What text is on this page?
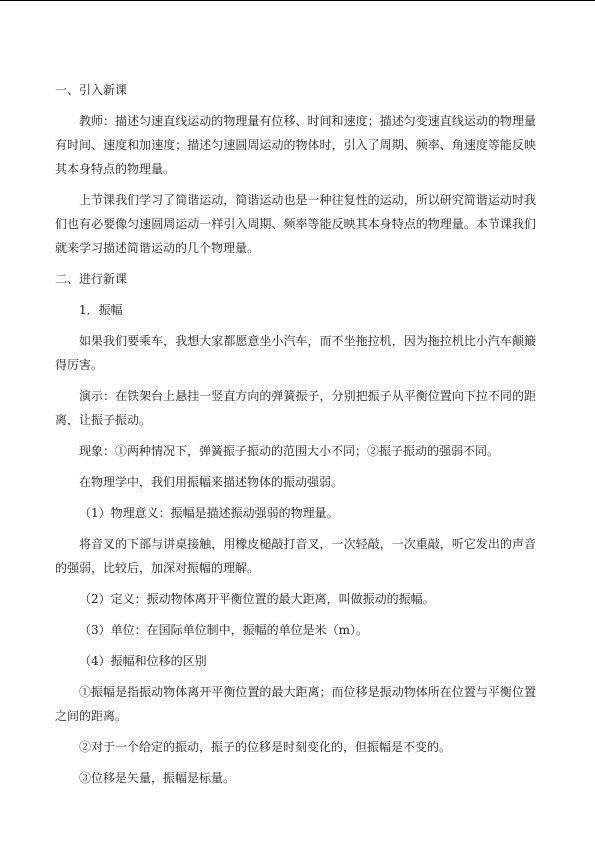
一、引入新课
教师：描述匀速直线运动的物理量有位移、时间和速度；描述匀变速直线运动的物理量有时间、速度和加速度；描述匀速圆周运动的物体时，引入了周期、频率、角速度等能反映其本身特点的物理量。
上节课我们学习了简谐运动，简谐运动也是一种往复性的运动，所以研究简谐运动时我们也有必要像匀速圆周运动一样引入周期、频率等能反映其本身特点的物理量。本节课我们就来学习描述简谐运动的几个物理量。
二、进行新课
1．振幅
如果我们要乘车，我想大家都愿意坐小汽车，而不坐拖拉机，因为拖拉机比小汽车颠簸得厉害。
演示：在铁架台上悬挂一竖直方向的弹簧振子，分别把振子从平衡位置向下拉不同的距离，让振子振动。
现象：①两种情况下，弹簧振子振动的范围大小不同；②振子振动的强弱不同。
在物理学中，我们用振幅来描述物体的振动强弱。
（1）物理意义：振幅是描述振动强弱的物理量。
将音叉的下部与讲桌接触，用橡皮槌敲打音叉，一次轻敲，一次重敲，听它发出的声音的强弱，比较后，加深对振幅的理解。
（2）定义：振动物体离开平衡位置的最大距离，叫做振动的振幅。
（3）单位：在国际单位制中，振幅的单位是米（m）。
（4）振幅和位移的区别
①振幅是指振动物体离开平衡位置的最大距离；而位移是振动物体所在位置与平衡位置之间的距离。
②对于一个给定的振动，振子的位移是时刻变化的，但振幅是不变的。
③位移是矢量，振幅是标量。
